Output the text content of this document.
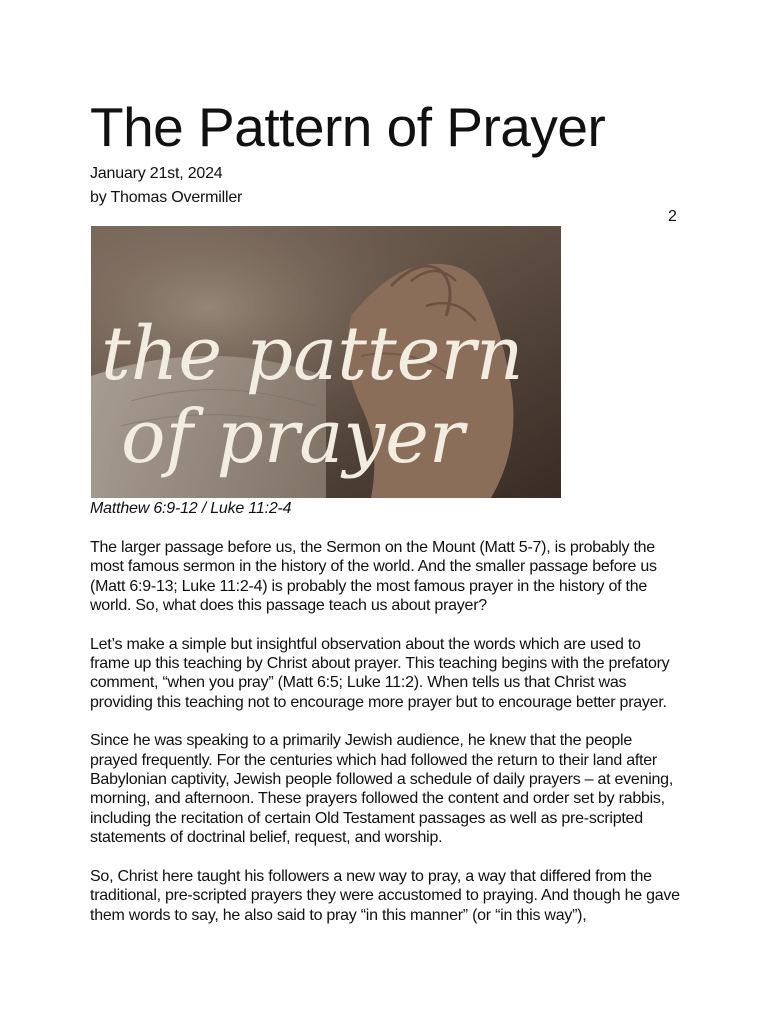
The Pattern of Prayer
January 21st, 2024
by Thomas Overmiller
Matthew 6:9-12 / Luke 11:2-4

The larger passage before us, the Sermon on the Mount (Matt 5-7), is probably the most famous sermon in the history of the world. And the smaller passage before us (Matt 6:9-13; Luke 11:2-4) is probably the most famous prayer in the history of the world. So, what does this passage teach us about prayer?

Let’s make a simple but insightful observation about the words which are used to frame up this teaching by Christ about prayer. This teaching begins with the prefatory comment, “when you pray” (Matt 6:5; Luke 11:2). When tells us that Christ was providing this teaching not to encourage more prayer but to encourage better prayer.

Since he was speaking to a primarily Jewish audience, he knew that the people prayed frequently. For the centuries which had followed the return to their land after Babylonian captivity, Jewish people followed a schedule of daily prayers – at evening, morning, and afternoon. These prayers followed the content and order set by rabbis, including the recitation of certain Old Testament passages as well as pre-scripted statements of doctrinal belief, request, and worship.

So, Christ here taught his followers a new way to pray, a way that differed from the traditional, pre-scripted prayers they were accustomed to praying. And though he gave them words to say, he also said to pray “in this manner” (or “in this way”),

2
the pattern
of prayer
